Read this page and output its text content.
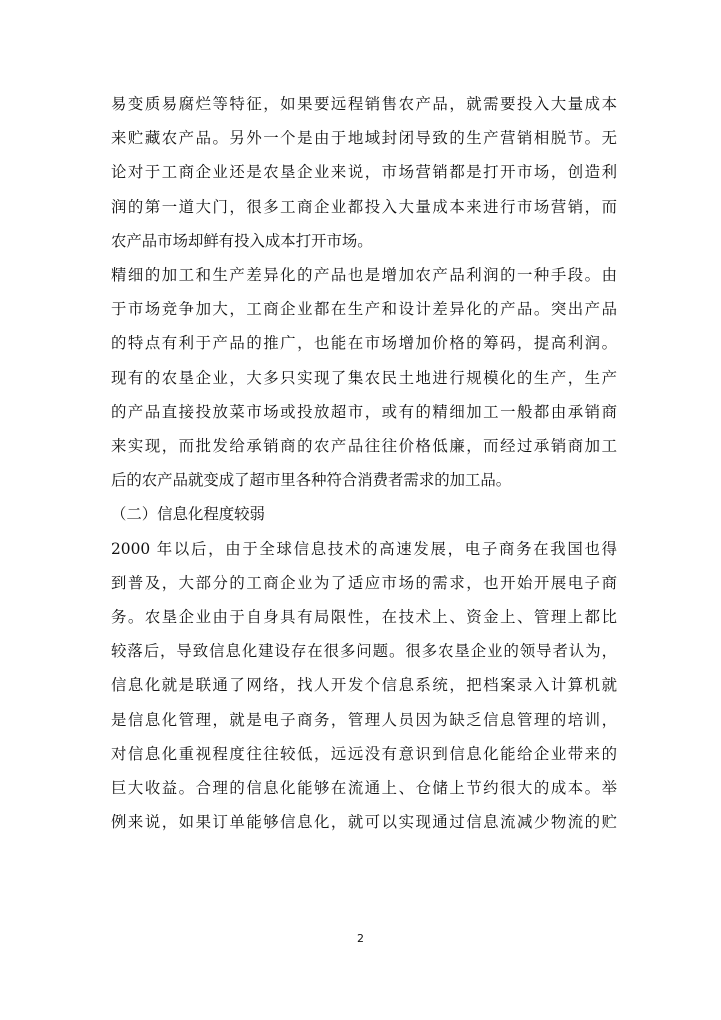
易变质易腐烂等特征，如果要远程销售农产品，就需要投入大量成本
来贮藏农产品。另外一个是由于地域封闭导致的生产营销相脱节。无
论对于工商企业还是农垦企业来说，市场营销都是打开市场，创造利
润的第一道大门，很多工商企业都投入大量成本来进行市场营销，而
农产品市场却鲜有投入成本打开市场。
精细的加工和生产差异化的产品也是增加农产品利润的一种手段。由
于市场竞争加大，工商企业都在生产和设计差异化的产品。突出产品
的特点有利于产品的推广，也能在市场增加价格的筹码，提高利润。
现有的农垦企业，大多只实现了集农民土地进行规模化的生产，生产
的产品直接投放菜市场或投放超市，或有的精细加工一般都由承销商
来实现，而批发给承销商的农产品往往价格低廉，而经过承销商加工
后的农产品就变成了超市里各种符合消费者需求的加工品。
（二）信息化程度较弱
2000 年以后，由于全球信息技术的高速发展，电子商务在我国也得
到普及，大部分的工商企业为了适应市场的需求，也开始开展电子商
务。农垦企业由于自身具有局限性，在技术上、资金上、管理上都比
较落后，导致信息化建设存在很多问题。很多农垦企业的领导者认为，
信息化就是联通了网络，找人开发个信息系统，把档案录入计算机就
是信息化管理，就是电子商务，管理人员因为缺乏信息管理的培训，
对信息化重视程度往往较低，远远没有意识到信息化能给企业带来的
巨大收益。合理的信息化能够在流通上、仓储上节约很大的成本。举
例来说，如果订单能够信息化，就可以实现通过信息流减少物流的贮
2
